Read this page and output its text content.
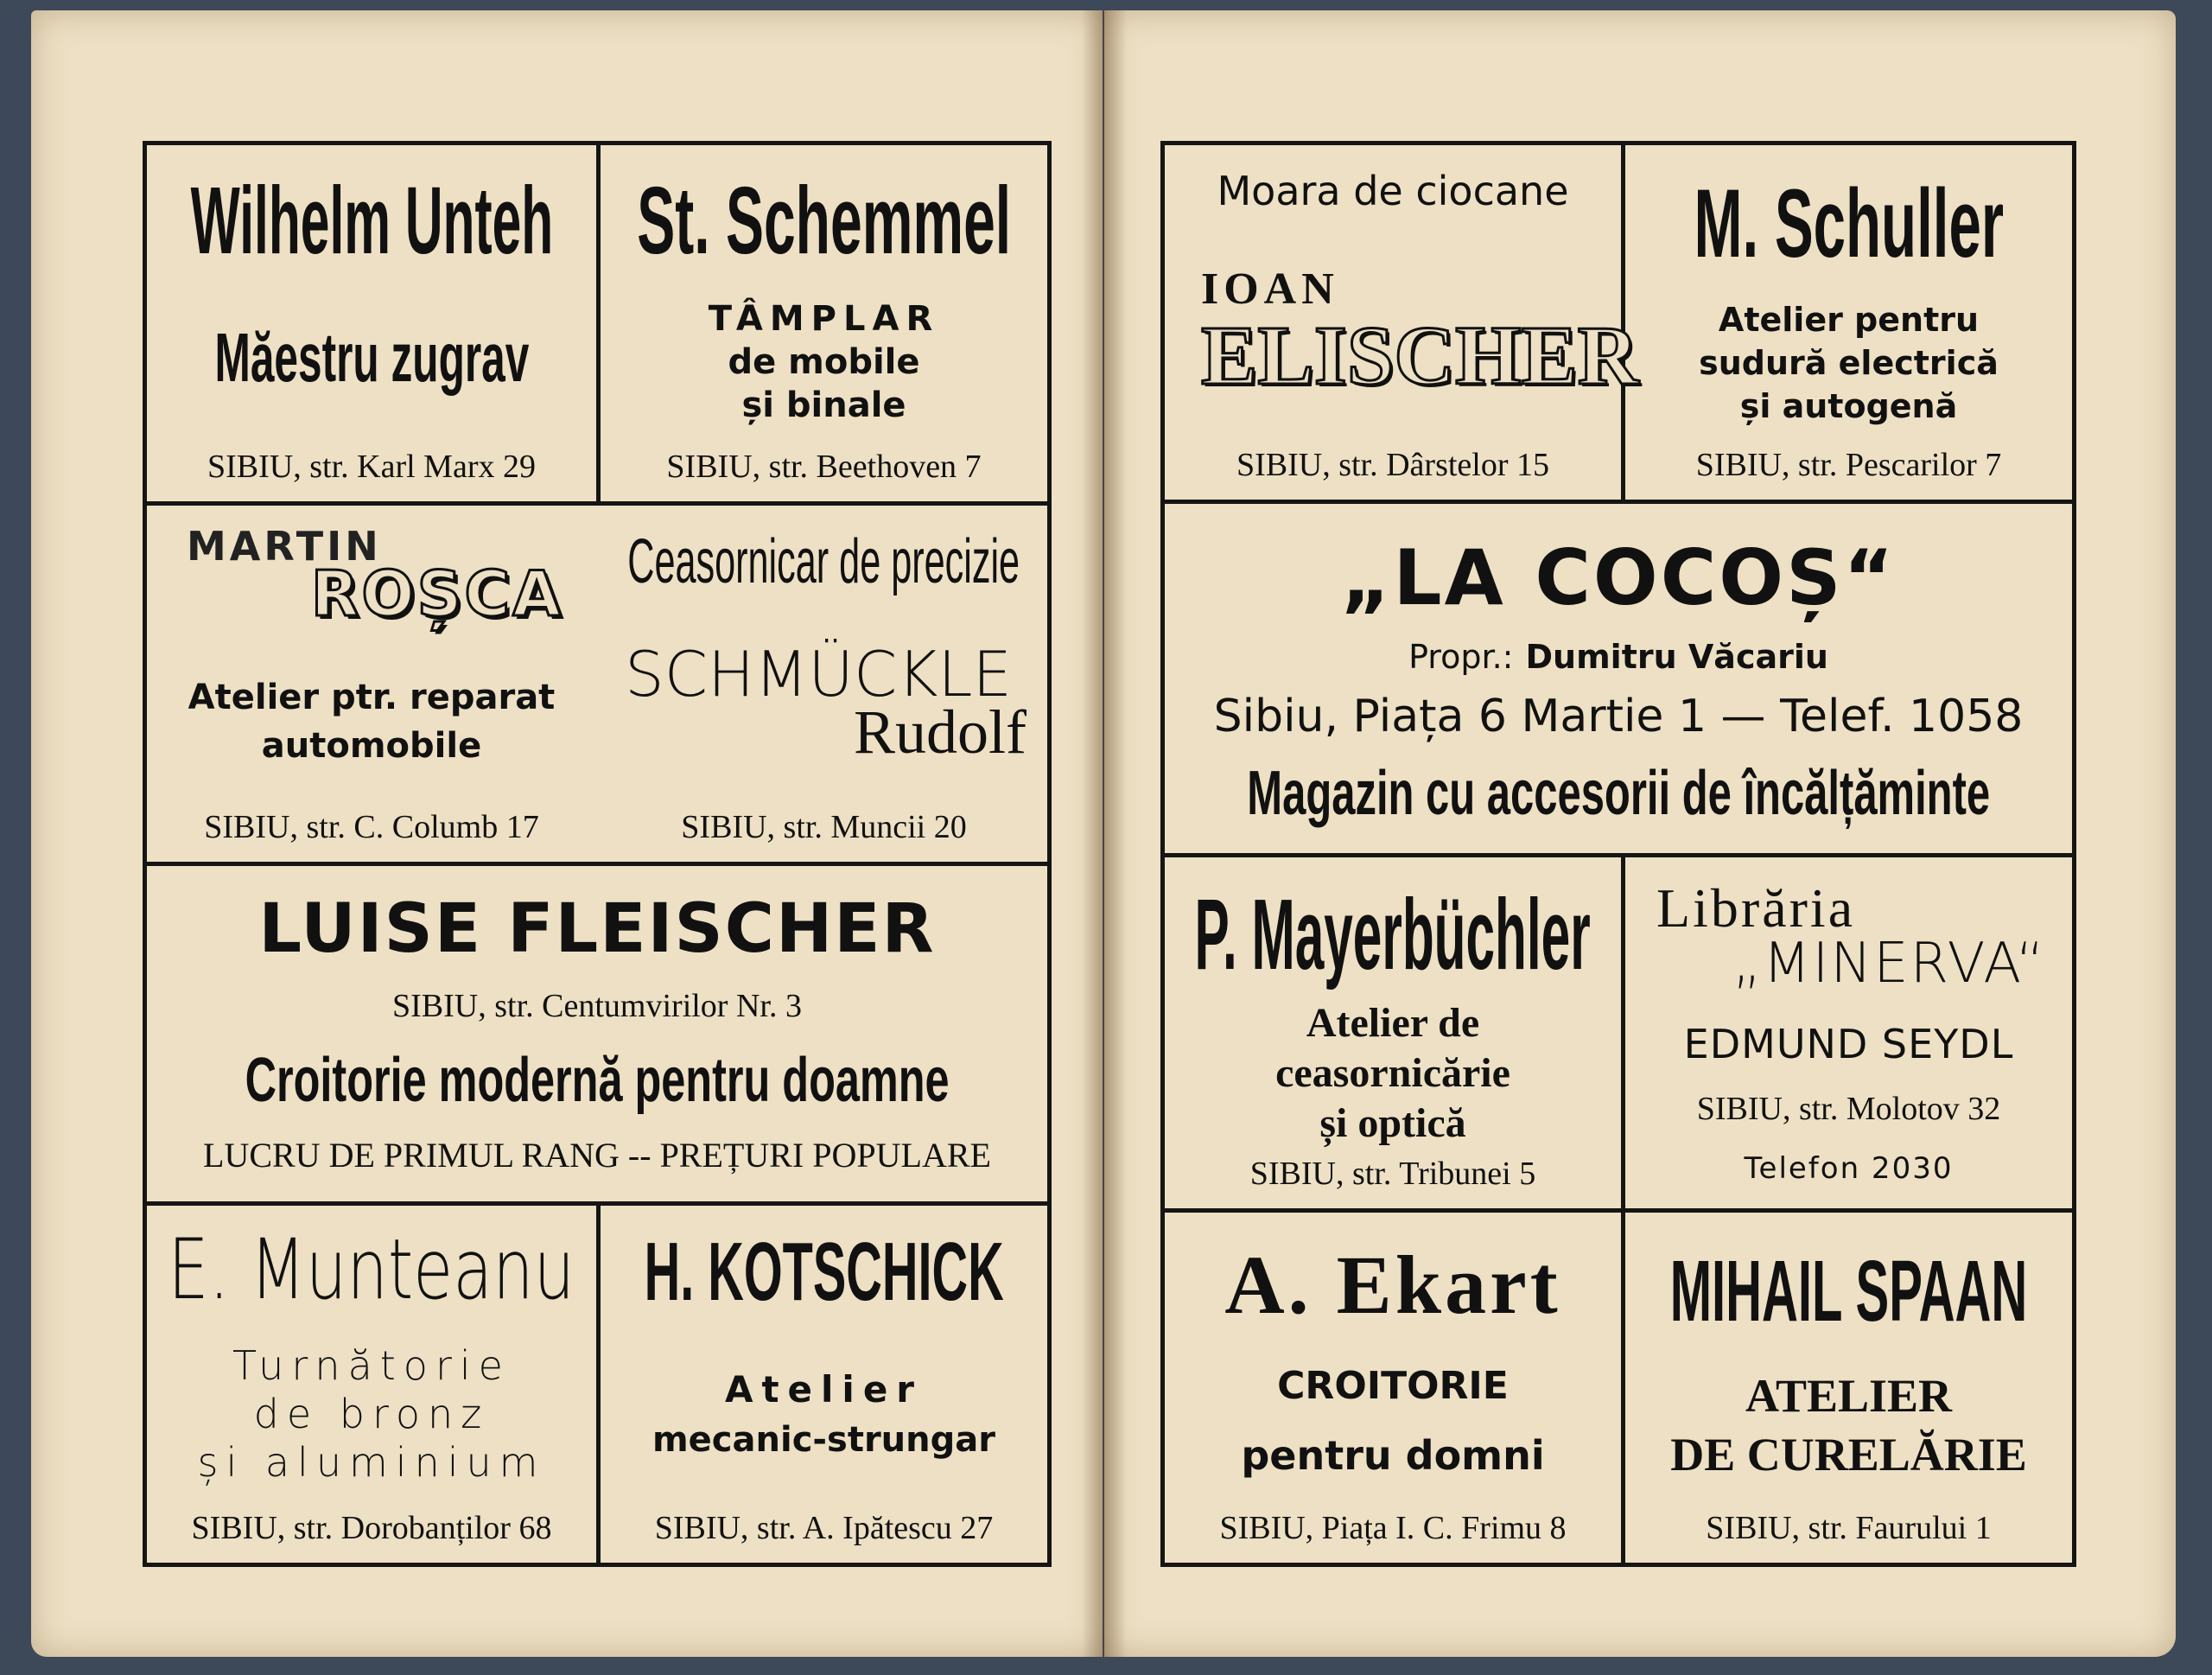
Wilhelm Unteh
Măestru zugrav
SIBIU, str. Karl Marx 29
St. Schemmel
TÂMPLAR
de mobile
și binale
SIBIU, str. Beethoven 7
MARTIN
ROȘCA
Atelier ptr. reparat
automobile
SIBIU, str. C. Columb 17
Ceasornicar de precizie
SCHMÜCKLE
Rudolf
SIBIU, str. Muncii 20
LUISE FLEISCHER
SIBIU, str. Centumvirilor Nr. 3
Croitorie modernă pentru doamne
LUCRU DE PRIMUL RANG -- PREȚURI POPULARE
E. Munteanu
Turnătorie
de bronz
și aluminium
SIBIU, str. Dorobanților 68
H. KOTSCHICK
Atelier
mecanic-strungar
SIBIU, str. A. Ipătescu 27
Moara de ciocane
IOAN
ELISCHER
SIBIU, str. Dârstelor 15
M. Schuller
Atelier pentru
sudură electrică
și autogenă
SIBIU, str. Pescarilor 7
„LA COCOȘ“
Propr.: Dumitru Văcariu
Sibiu, Piața 6 Martie 1 — Telef. 1058
Magazin cu accesorii de încălțăminte
P. Mayerbüchler
Atelier de
ceasornicărie
și optică
SIBIU, str. Tribunei 5
Librăria
„MINERVA“
EDMUND SEYDL
SIBIU, str. Molotov 32
Telefon 2030
A. Ekart
CROITORIE
pentru domni
SIBIU, Piața I. C. Frimu 8
MIHAIL SPAAN
ATELIER
DE CURELĂRIE
SIBIU, str. Faurului 1
